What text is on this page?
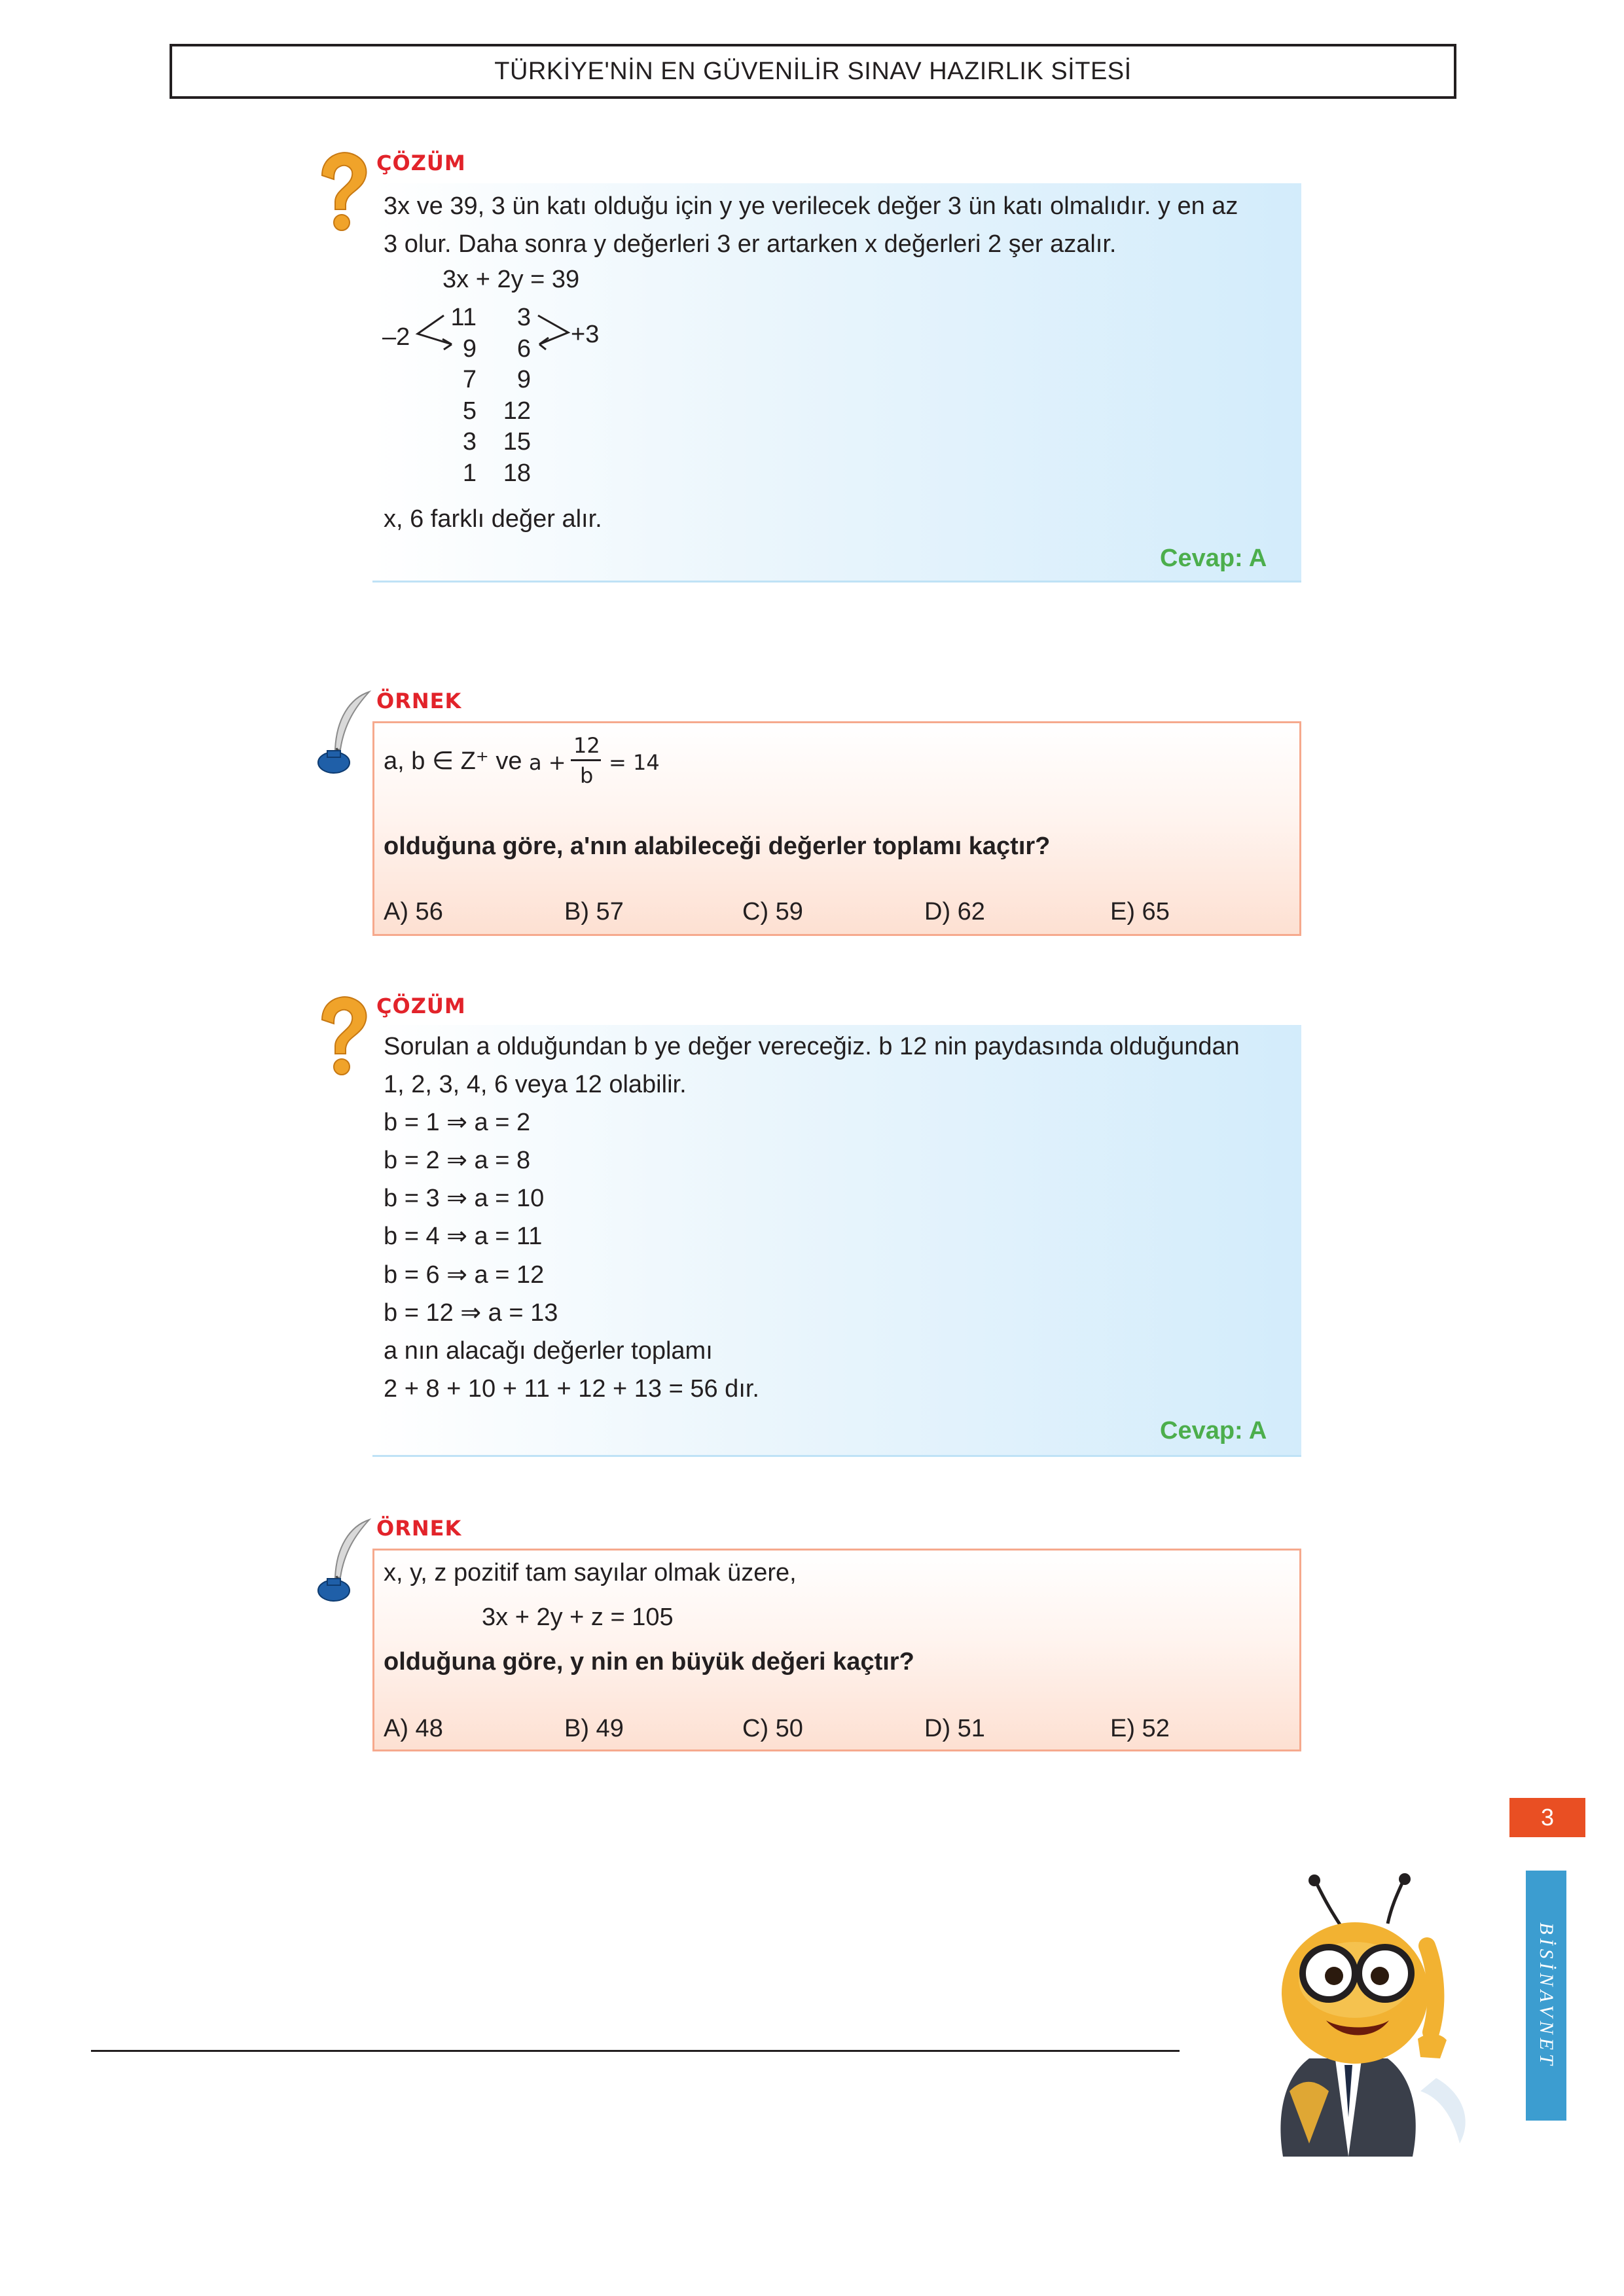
TÜRKİYE'NİN EN GÜVENİLİR SINAV HAZIRLIK SİTESİ
ÇÖZÜM
3x ve 39, 3 ün katı olduğu için y ye verilecek değer 3 ün katı olmalıdır. y en az
3 olur. Daha sonra y değerleri 3 er artarken x değerleri 2 şer azalır.
3x + 2y = 39
–2	+3
11	3
9	6
7	9
5	12
3	15
1	18
x, 6 farklı değer alır.
Cevap: A
ÖRNEK
a, b ∈ Z⁺ ve a +
12
b
= 14
olduğuna göre, a'nın alabileceği değerler toplamı kaçtır?
A) 56	B) 57	C) 59	D) 62	E) 65
ÇÖZÜM
Sorulan a olduğundan b ye değer vereceğiz. b 12 nin paydasında olduğundan
1, 2, 3, 4, 6 veya 12 olabilir.
b = 1 ⇒ a = 2
b = 2 ⇒ a = 8
b = 3 ⇒ a = 10
b = 4 ⇒ a = 11
b = 6 ⇒ a = 12
b = 12 ⇒ a = 13
a nın alacağı değerler toplamı
2 + 8 + 10 + 11 + 12 + 13 = 56 dır.
Cevap: A
ÖRNEK
x, y, z pozitif tam sayılar olmak üzere,
3x + 2y + z = 105
olduğuna göre, y nin en büyük değeri kaçtır?
A) 48	B) 49	C) 50	D) 51	E) 52
3
BİSİNAVNET
